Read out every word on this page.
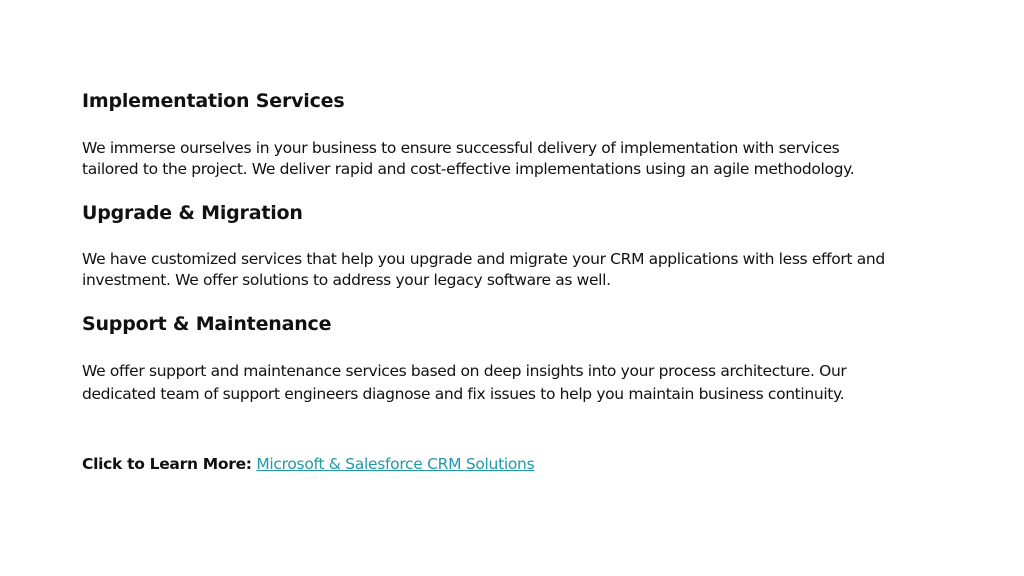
Implementation Services

We immerse ourselves in your business to ensure successful delivery of implementation with services
tailored to the project. We deliver rapid and cost-effective implementations using an agile methodology.

Upgrade & Migration

We have customized services that help you upgrade and migrate your CRM applications with less effort and
investment. We offer solutions to address your legacy software as well.

Support & Maintenance

We offer support and maintenance services based on deep insights into your process architecture. Our
dedicated team of support engineers diagnose and fix issues to help you maintain business continuity.

Click to Learn More: Microsoft & Salesforce CRM Solutions
